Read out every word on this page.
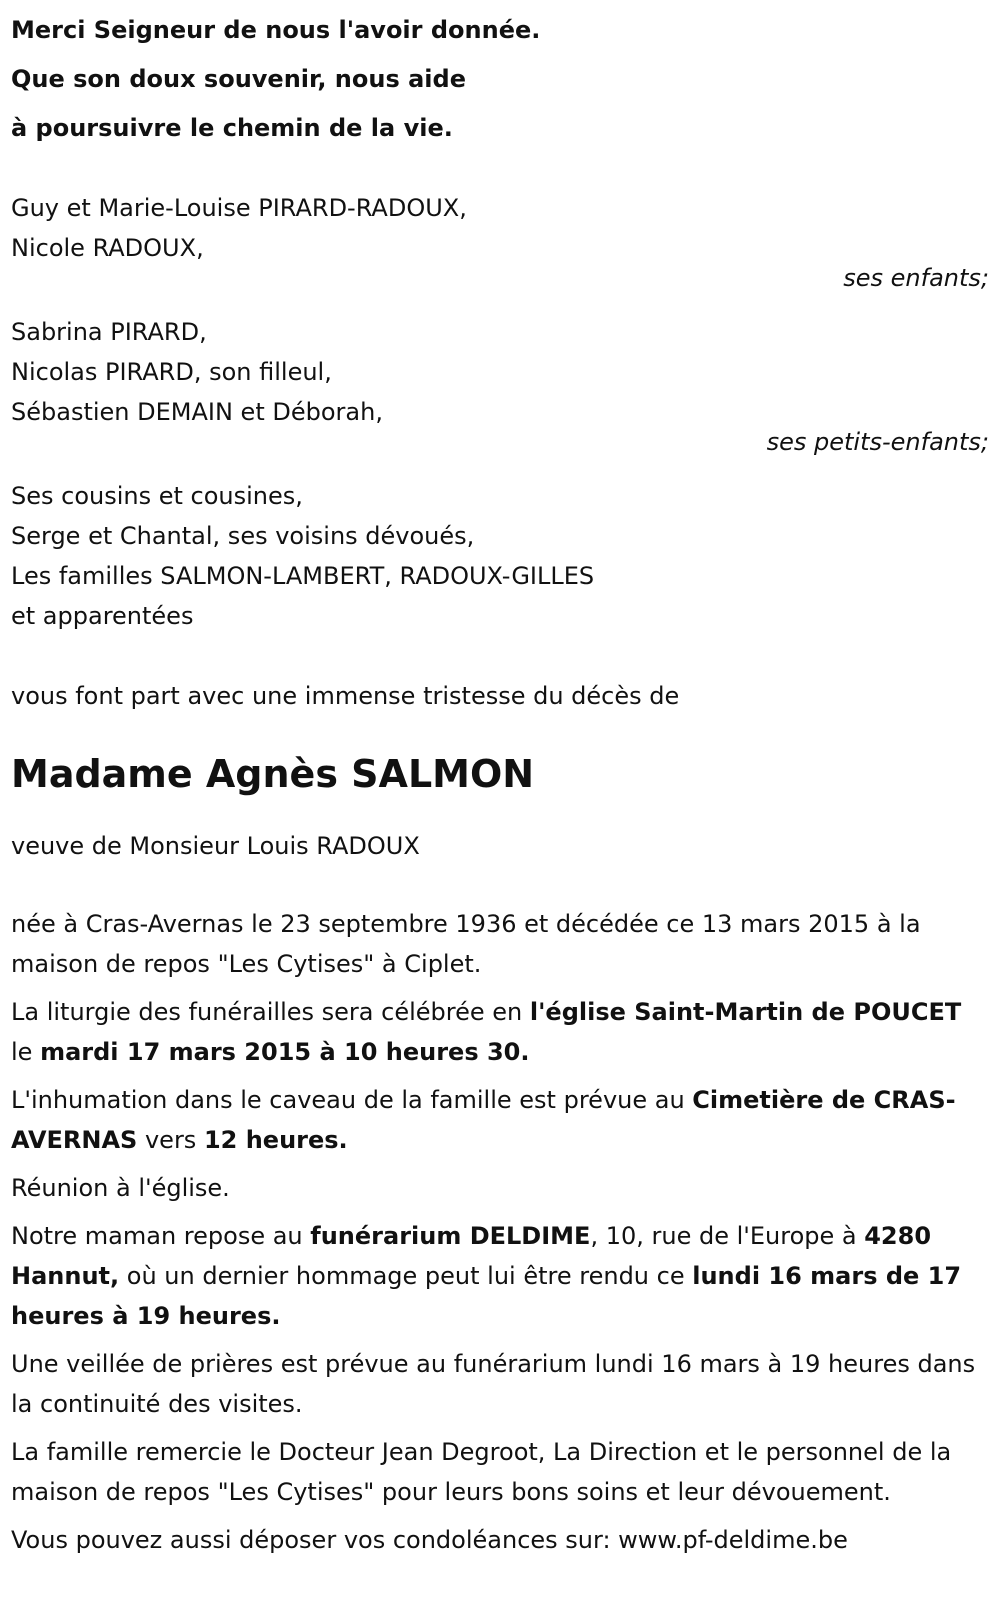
Merci Seigneur de nous l'avoir donnée.
Que son doux souvenir, nous aide
à poursuivre le chemin de la vie.
Guy et Marie-Louise PIRARD-RADOUX,
Nicole RADOUX,
ses enfants;
Sabrina PIRARD,
Nicolas PIRARD, son filleul,
Sébastien DEMAIN et Déborah,
ses petits-enfants;
Ses cousins et cousines,
Serge et Chantal, ses voisins dévoués,
Les familles SALMON-LAMBERT, RADOUX-GILLES
et apparentées
vous font part avec une immense tristesse du décès de
Madame Agnès SALMON
veuve de Monsieur Louis RADOUX
née à Cras-Avernas le 23 septembre 1936 et décédée ce 13 mars 2015 à la maison de repos "Les Cytises" à Ciplet.
La liturgie des funérailles sera célébrée en l'église Saint-Martin de POUCET le mardi 17 mars 2015 à 10 heures 30.
L'inhumation dans le caveau de la famille est prévue au Cimetière de CRAS-AVERNAS vers 12 heures.
Réunion à l'église.
Notre maman repose au funérarium DELDIME, 10, rue de l'Europe à 4280 Hannut, où un dernier hommage peut lui être rendu ce lundi 16 mars de 17 heures à 19 heures.
Une veillée de prières est prévue au funérarium lundi 16 mars à 19 heures dans la continuité des visites.
La famille remercie le Docteur Jean Degroot, La Direction et le personnel de la maison de repos "Les Cytises" pour leurs bons soins et leur dévouement.
Vous pouvez aussi déposer vos condoléances sur: www.pf-deldime.be
